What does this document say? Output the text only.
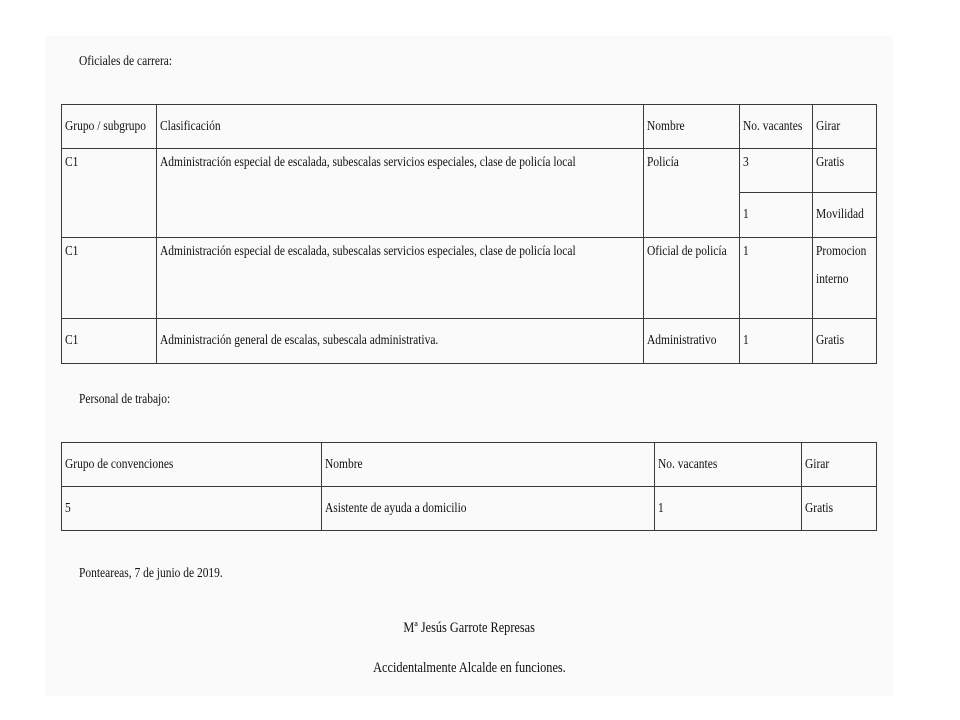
Oficiales de carrera:
Grupo / subgrupo	Clasificación	Nombre	No. vacantes	Girar
C1	Administración especial de escalada, subescalas servicios especiales, clase de policía local	Policía	3	Gratis
			1	Movilidad
C1	Administración especial de escalada, subescalas servicios especiales, clase de policía local	Oficial de policía	1	Promocion interno
C1	Administración general de escalas, subescala administrativa.	Administrativo	1	Gratis
Personal de trabajo:
Grupo de convenciones	Nombre	No. vacantes	Girar
5	Asistente de ayuda a domicilio	1	Gratis
Ponteareas, 7 de junio de 2019.
Mª Jesús Garrote Represas
Accidentalmente Alcalde en funciones.
